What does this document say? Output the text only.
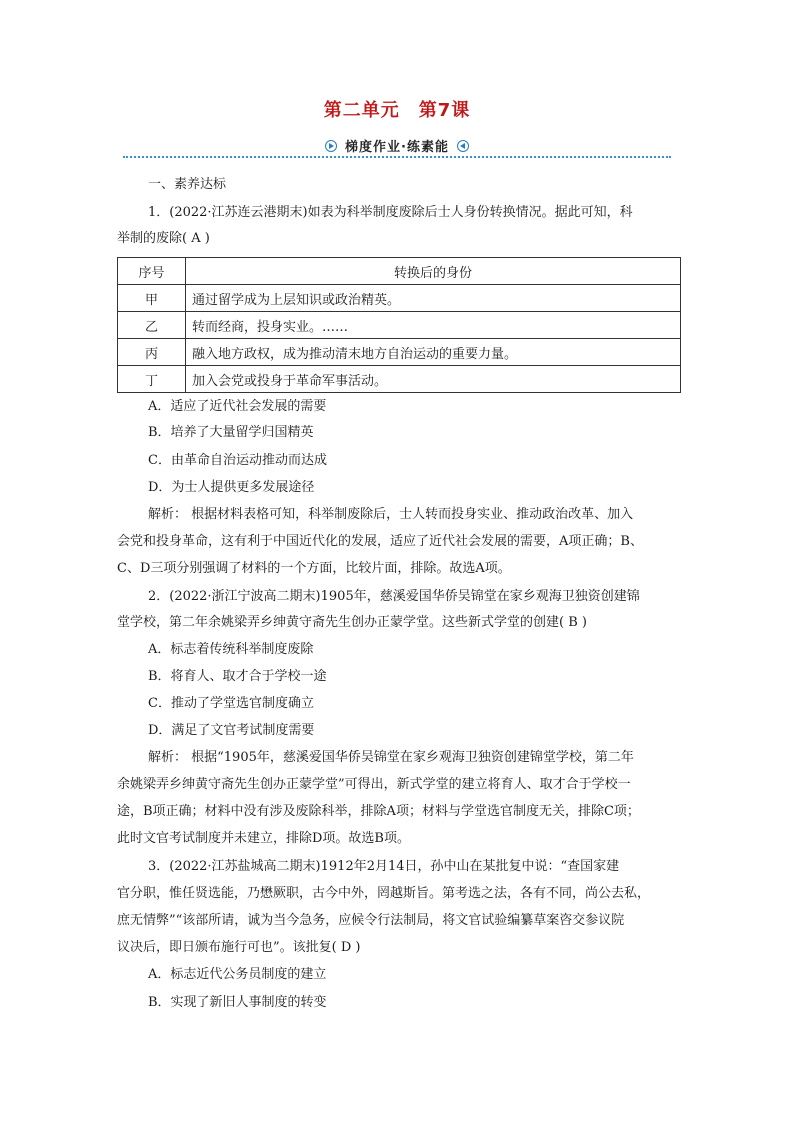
第二单元　第7课
梯度作业·练素能
一、素养达标
1．(2022·江苏连云港期末)如表为科举制度废除后士人身份转换情况。据此可知，科
举制的废除( A )
序号	转换后的身份
甲	通过留学成为上层知识或政治精英。
乙	转而经商，投身实业。……
丙	融入地方政权，成为推动清末地方自治运动的重要力量。
丁	加入会党或投身于革命军事活动。
A．适应了近代社会发展的需要
B．培养了大量留学归国精英
C．由革命自治运动推动而达成
D．为士人提供更多发展途径
解析： 根据材料表格可知，科举制废除后，士人转而投身实业、推动政治改革、加入
会党和投身革命，这有利于中国近代化的发展，适应了近代社会发展的需要，A项正确；B、
C、D三项分别强调了材料的一个方面，比较片面，排除。故选A项。
2．(2022·浙江宁波高二期末)1905年，慈溪爱国华侨吴锦堂在家乡观海卫独资创建锦
堂学校，第二年余姚梁弄乡绅黄守斋先生创办正蒙学堂。这些新式学堂的创建( B )
A．标志着传统科举制度废除
B．将育人、取才合于学校一途
C．推动了学堂选官制度确立
D．满足了文官考试制度需要
解析： 根据“1905年，慈溪爱国华侨吴锦堂在家乡观海卫独资创建锦堂学校，第二年
余姚梁弄乡绅黄守斋先生创办正蒙学堂”可得出，新式学堂的建立将育人、取才合于学校一
途，B项正确；材料中没有涉及废除科举，排除A项；材料与学堂选官制度无关，排除C项；
此时文官考试制度并未建立，排除D项。故选B项。
3．(2022·江苏盐城高二期末)1912年2月14日，孙中山在某批复中说：“查国家建
官分职，惟任贤选能，乃懋厥职，古今中外，罔越斯旨。第考选之法，各有不同，尚公去私，
庶无情弊”“该部所请，诚为当今急务，应候令行法制局，将文官试验编纂草案咨交参议院
议决后，即日颁布施行可也”。该批复( D )
A．标志近代公务员制度的建立
B．实现了新旧人事制度的转变
